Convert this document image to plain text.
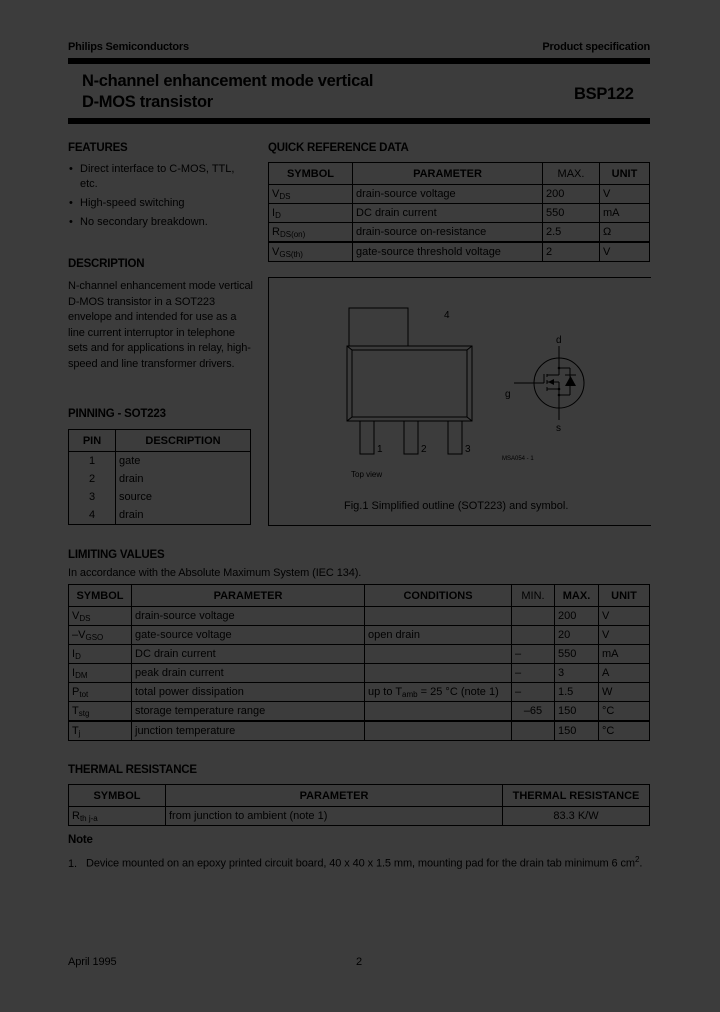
Philips Semiconductors	Product specification
N-channel enhancement mode vertical
D-MOS transistor	BSP122
FEATURES
• Direct interface to C-MOS, TTL, etc.
• High-speed switching
• No secondary breakdown.
DESCRIPTION
N-channel enhancement mode vertical D-MOS transistor in a SOT223 envelope and intended for use as a line current interruptor in telephone sets and for applications in relay, high-speed and line transformer drivers.
PINNING - SOT223
PIN	DESCRIPTION
1	gate
2	drain
3	source
4	drain
QUICK REFERENCE DATA
SYMBOL	PARAMETER	MAX.	UNIT
$V_{DS}$	drain-source voltage	200	V
$I_D$	DC drain current	550	mA
$R_{DS(on)}$	drain-source on-resistance	2.5	Ω
$V_{GS(th)}$	gate-source threshold voltage	2	V
4
1	2	3
Top view
d
g
s
MSA054 - 1
Fig.1 Simplified outline (SOT223) and symbol.
LIMITING VALUES
In accordance with the Absolute Maximum System (IEC 134).
SYMBOL	PARAMETER	CONDITIONS	MIN.	MAX.	UNIT
$V_{DS}$	drain-source voltage			200	V
$-V_{GSO}$	gate-source voltage	open drain		20	V
$I_D$	DC drain current		–	550	mA
$I_{DM}$	peak drain current		–	3	A
$P_{tot}$	total power dissipation	up to $T_{amb} = 25$ °C (note 1)	–	1.5	W
$T_{stg}$	storage temperature range		–65	150	°C
$T_j$	junction temperature			150	°C
THERMAL RESISTANCE
SYMBOL	PARAMETER	THERMAL RESISTANCE
$R_{th j-a}$	from junction to ambient (note 1)	83.3 K/W
Note
1. Device mounted on an epoxy printed circuit board, 40 x 40 x 1.5 mm, mounting pad for the drain tab minimum 6 $cm^2$.
April 1995	2
